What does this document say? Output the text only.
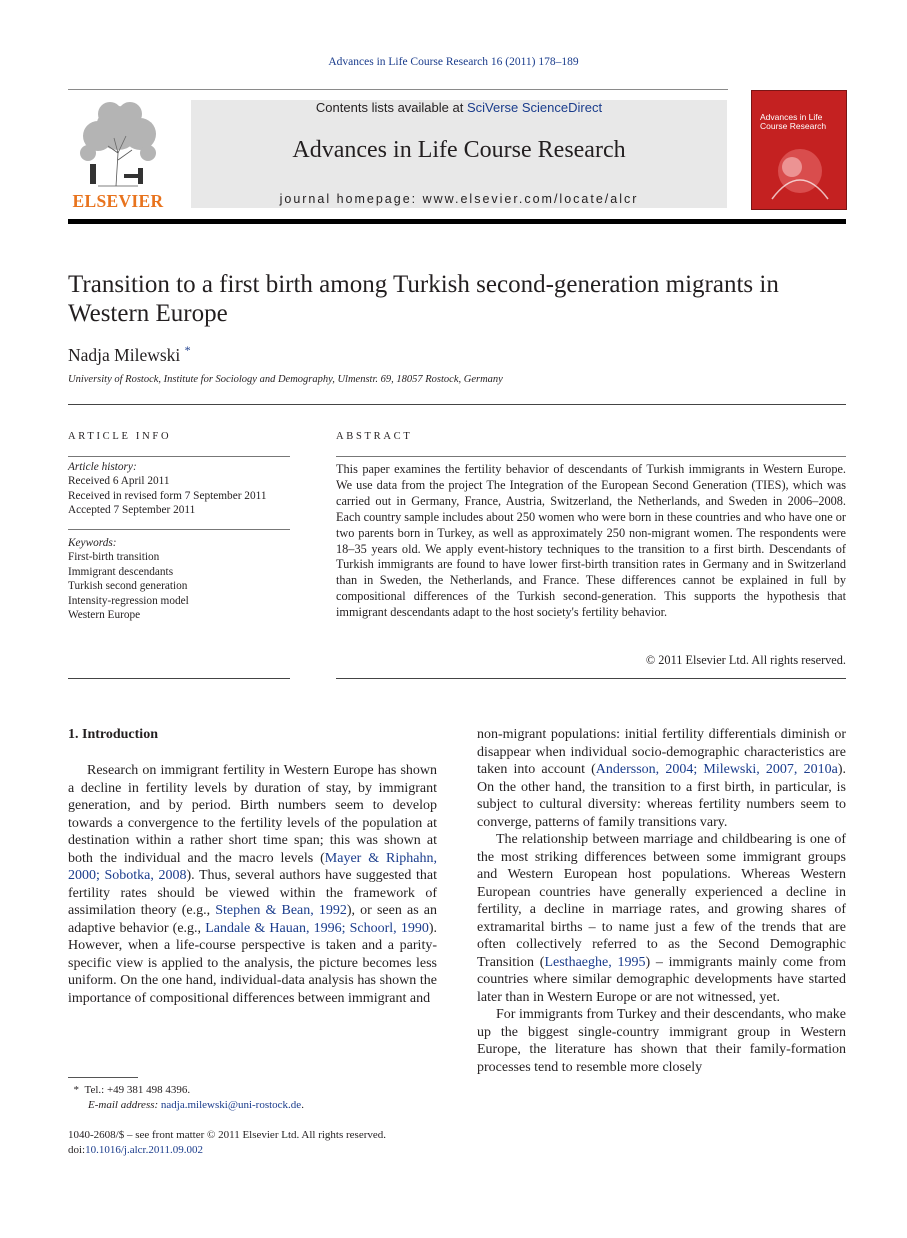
Advances in Life Course Research 16 (2011) 178–189
Contents lists available at SciVerse ScienceDirect
Advances in Life Course Research
journal homepage: www.elsevier.com/locate/alcr
ELSEVIER
Advances in Life Course Research
Transition to a first birth among Turkish second-generation migrants in Western Europe
Nadja Milewski *
University of Rostock, Institute for Sociology and Demography, Ulmenstr. 69, 18057 Rostock, Germany
ARTICLE INFO
Article history:
Received 6 April 2011
Received in revised form 7 September 2011
Accepted 7 September 2011
Keywords:
First-birth transition
Immigrant descendants
Turkish second generation
Intensity-regression model
Western Europe
ABSTRACT
This paper examines the fertility behavior of descendants of Turkish immigrants in Western Europe. We use data from the project The Integration of the European Second Generation (TIES), which was carried out in Germany, France, Austria, Switzerland, the Netherlands, and Sweden in 2006–2008. Each country sample includes about 250 women who were born in these countries and who have one or two parents born in Turkey, as well as approximately 250 non-migrant women. The respondents were 18–35 years old. We apply event-history techniques to the transition to a first birth. Descendants of Turkish immigrants are found to have lower first-birth transition rates in Germany and in Switzerland than in Sweden, the Netherlands, and France. These differences cannot be explained in full by compositional differences of the Turkish second-generation. This supports the hypothesis that immigrant descendants adapt to the host society's fertility behavior.
© 2011 Elsevier Ltd. All rights reserved.
1. Introduction

Research on immigrant fertility in Western Europe has shown a decline in fertility levels by duration of stay, by immigrant generation, and by period. Birth numbers seem to develop towards a convergence to the fertility levels of the population at destination within a rather short time span; this was shown at both the individual and the macro levels (Mayer & Riphahn, 2000; Sobotka, 2008). Thus, several authors have suggested that fertility rates should be viewed within the framework of assimilation theory (e.g., Stephen & Bean, 1992), or seen as an adaptive behavior (e.g., Landale & Hauan, 1996; Schoorl, 1990). However, when a life-course perspective is taken and a parity-specific view is applied to the analysis, the picture becomes less uniform. On the one hand, individual-data analysis has shown the importance of compositional differences between immigrant and

non-migrant populations: initial fertility differentials diminish or disappear when individual socio-demographic characteristics are taken into account (Andersson, 2004; Milewski, 2007, 2010a). On the other hand, the transition to a first birth, in particular, is subject to cultural diversity: whereas fertility numbers seem to converge, patterns of family transitions vary.

The relationship between marriage and childbearing is one of the most striking differences between some immigrant groups and Western European host populations. Whereas Western European countries have generally experienced a decline in fertility, a decline in marriage rates, and growing shares of extramarital births – to name just a few of the trends that are often collectively referred to as the Second Demographic Transition (Lesthaeghe, 1995) – immigrants mainly come from countries where similar demographic developments have started later than in Western Europe or are not witnessed, yet.

For immigrants from Turkey and their descendants, who make up the biggest single-country immigrant group in Western Europe, the literature has shown that their family-formation processes tend to resemble more closely

* Tel.: +49 381 498 4396.
E-mail address: nadja.milewski@uni-rostock.de.
1040-2608/$ – see front matter © 2011 Elsevier Ltd. All rights reserved.
doi:10.1016/j.alcr.2011.09.002
